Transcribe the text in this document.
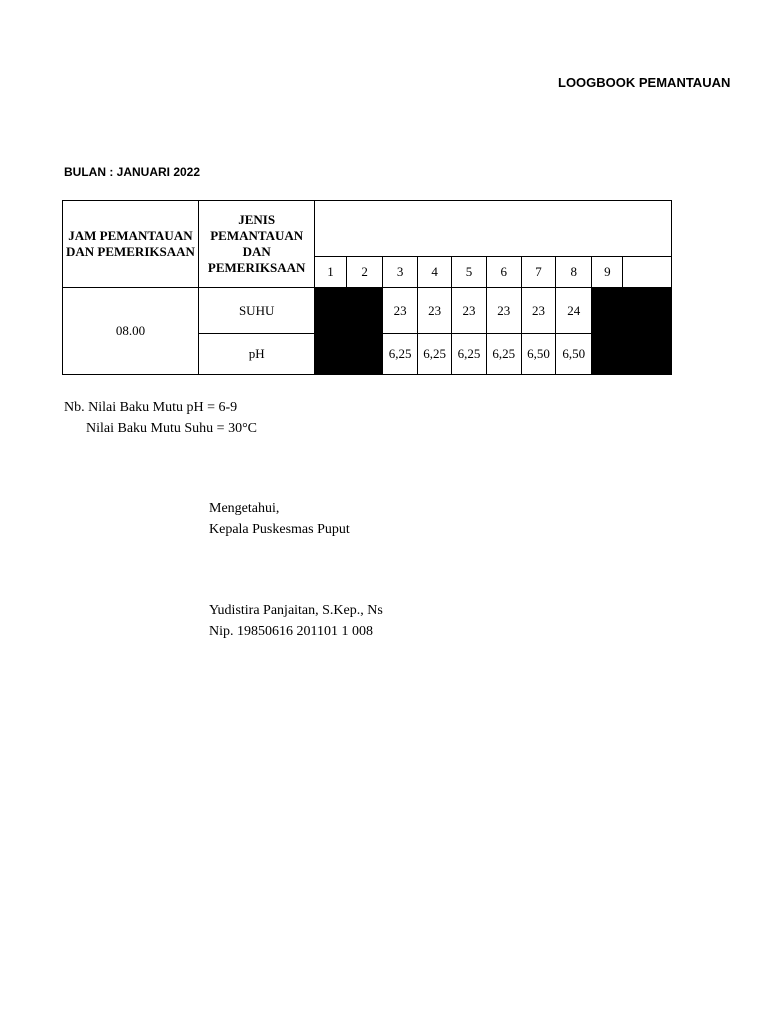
LOOGBOOK PEMANTAUAN
BULAN : JANUARI 2022
JAM PEMANTAUAN DAN PEMERIKSAAN	JENIS PEMANTAUAN DAN PEMERIKSAAN										
		1	2	3	4	5	6	7	8	9	
08.00	SUHU			23	23	23	23	23	24		
	pH			6,25	6,25	6,25	6,25	6,50	6,50		
Nb. Nilai Baku Mutu pH = 6-9
Nilai Baku Mutu Suhu = 30°C
Mengetahui,
Kepala Puskesmas Puput
Yudistira Panjaitan, S.Kep., Ns
Nip. 19850616 201101 1 008
